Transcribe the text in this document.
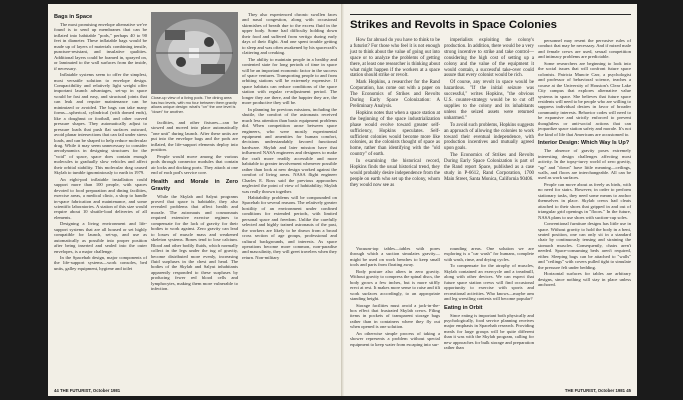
Bags in Space

The most promising envelope alternative we've found is to send up membranes that can be inflated into habitable "pods," perhaps 40 to 90 feet in diameter. These inflatable bags would be made up of layers of materials combining tensile, puncture-resistant, and insulative qualities. Additional layers could be foamed in, sprayed on, or laminated to the wall surfaces from the inside, if necessary.

Inflatable systems seem to offer the simplest, most versatile solution to envelope design. Compactibility and relatively light weight offer important launch advantages, set-up in space would be fast and easy, and structural joints that can leak and require maintenance can be minimized or avoided. The bags can take many forms—spherical, cylindrical (with domed ends), like a doughnut or football, and other curved pressure shapes. They automatically adjust to pressure loads that push flat surfaces outward, avoid planar intersections that can fail under stress loads, and can be shaped to help reduce molecular drag. While it may seem unnecessary to consider aerodynamics in designing structures for the "void" of space, space does contain enough molecules to gradually slow vehicles and affect their orbital stability. This molecular drag caused Skylab to tumble ignominiously to earth in 1979.

An eight-pod inflatable installation could support more than 100 people, with spaces devoted to food preparation and dining facilities, exercise areas, a medical clinic, a shop to handle in-space fabrication and maintenance, and some scientific laboratories. A station of this size would require about 10 shuttle-load deliveries of all elements.

Designing a living environment and life-support systems that are all housed or set highly compatible for launch, set-up, and use as automatically as possible into proper position after being inserted and sealed into the outer envelopes, is a major challenge.

In the Spacehab design, major components of the life-support systems—work consoles, bed units, galley equipment, hygiene and toilet

Close-up view of a living pods. The dining area has two levels, with mo four between them gravity allows unique design: what's "on" the one level is "down" for another.

facilities, and other fixtures—can be stowed and moved into place automatically "one unit" during launch. After these units are put into the envelope bags and the pods are inflated, the life-support elements deploy into position.

People would move among the various pods through connector modules that contain air locks and docking ports. They attach at one end of each pod's service core.

Health and Morale in Zero Gravity

While the Skylab and Salyut programs proved that space is habitable, they also revealed problems that affect health and morale. The astronauts and cosmonauts required extensive exercise regimes to compensate for the lack of gravity for their bodies to work against. Zero gravity can lead to losses of muscle mass and weakened skeleton systems. Bones tend to lose calcium. Blood and other bodily fluids, which normally collect in the legs under the tug of gravity, become distributed more evenly, increasing fluid surpluses in the chest and head. The bodies of the Skylab and Salyut inhabitants apparently responded to these surpluses by producing fewer red blood cells and lymphocytes, making them more vulnerable to infection.

They also experienced chronic swollen faces and nasal congestion, along with occasional skirmishes of breath due to the excess fluid in the upper body. Some had difficulty holding down their food and suffered from vertigo during early days of their flight. And one spent trouble getting to sleep and was often awakened by his spacecraft's clattering and creaking.

The ability to maintain people in a healthy and contented state for long periods of time in space will be an important economic factor in the success of space ventures. Transporting people to and from orbiting stations will be extremely expensive. If space habitats can reduce conditions of the space station with regular re-adjustment period. The longer they are there, and the happier they are, the more productive they will be.

In planning for previous missions, including the shuttle, the comfort of the astronauts received much less attention than basic equipment problems did. When competition arose between space engineers, who were mostly experimental equipment and amenities for human comfort, decisions understandably favored functional hardware. Skylab and later mission have that influenced NASA engineers and designers to make the craft more readily accessible and more habitable to greater involvement whenever possible rather than look at new design worked against the comfort of living areas. NASA flight engineer Charles E. Ross said the previous approaches neglected the point of view of habitability; Skylab was really thrown together.

Habitability problems will be compounded on Spacehab for several reasons. The relatively greater hostility of an environment under confined conditions for extended periods, with limited personal space and freedom. Unlike the carefully selected and highly trained astronauts of the past, the workers are likely to be drawn from a broad cross section of age groups, professional and cultural backgrounds, and interests. As space operations become more common, non-paradise and masculinity, they will greet travelers when they return. Non-military

44 THE FUTURIST, October 1981
Strikes and Revolts in Space Colonies

How far abroad do you have to think to be a futurist? For those who feel it is not enough just to think about the value of going out into space or to analyze the problems of getting there, at least one researcher is thinking about what might happen if the workers at a space station should strike or revolt.

Mark Hopkins, a researcher for the Rand Corporation, has come out with a paper on The Economics of Strikes and Revolts During Early Space Colonization: A Preliminary Analysis.

Hopkins notes that when a space station at the beginning of the space industrialization phase would evolve toward greater self-sufficiency, Hopkins speculates. Self-sufficient colonies would become more like colonies, as the colonists thought of space as home, rather than identifying with the "old country" of earth.

In examining the historical record, Hopkins finds the usual historical trend, they would probably desire independence from the people on earth who set up the colony, whom they would now see as

imperialists exploiting the colony's production. In addition, there would be a very strong incentive to strike and take control—considering the high cost of setting up a colony and the value of the equipment it would contain, a successful take-over could assure that every colonist would be rich.

Of course, any revolt in space would be hazardous. "If the initial seizure was successful," writes Hopkins, "the obvious U.S. counter-strategy would be to cut off supplies to the colony and its inhabitants unless the seized assets were returned unharmed."

To avoid such problems, Hopkins suggests an approach of allowing the colonies to work toward their eventual independence, with production incentives and mutually agreed upon goals.

The Economics of Strikes and Revolts During Early Space Colonization is part of the Rand report Space, published as a case study in P-6612, Rand Corporation, 1700 Main Street, Santa Monica, California 90406.

personnel may resent the pervasive rules of conduct that may be necessary. And if mixed male and female crews are used, sexual competition and intimacy problems are predictable.

Some researchers are beginning to look into the social issues that will confront future space colonists. Patricia Muncie Carr, a psychologist and professor of behavioral science, teaches a course at the University of Houston's Clear Lake City campus that explores alternative value systems in space. She believes that future space residents will need to be people who are willing to suppress individual desires in favor of broader community interests. Behavior codes will need to be expansive and strictly enforced to prevent thoughtless or anti-social actions that can jeopardize space station safety and morale. It's not the kind of life that Americans are accustomed to.

Interior Design: Which Way Is Up?

The absence of gravity poses extremely interesting design challenges affecting most activity. In the topsy-turvy world of zero gravity, "up" and "down" have little meaning—ceilings, walls, and floors are interchangeable. All can be used as work surfaces.

People can move about as freely as birds, with no need for stairs. However, in order to perform stationary tasks, they need some means to anchor themselves in place. Skylab crews had cleats attached to their shoes that gripped in and out of triangular grid openings in "floors." In the future, NASA plans to use shoes with suction-cup soles.

Conventional furniture designs has little use in space. Without gravity to hold the body in a bent, seated position, one can only sit in a standard chair by continuously tensing and straining the stomach muscles. Consequently, chairs aren't needed. Space-consuming beds aren't required, either. Sleeping bags can be attached to "walls" and "ceilings" with covers pulled tight to simulate the pressure felt under bedding.

Horizontal surfaces for tables are arbitrary designs, since nothing will stay in place unless anchored.

Vacuum-top tables—tables with pores through which a suction simulates gravity—might be used on work benches to keep small tools and parts from floating away.

Body posture also alters in zero gravity. Without gravity to compress the spinal discs, the body grows a few inches, but is more stiffly erect at rest. It makes more sense to raise and tilt work surfaces accordingly, to an appropriate standing height.

Storage facilities must avoid a jack-in-the-box effect that frustrated Skylab crews. Filing items in pockets of transparent storage bags rather than in containers where they fly out when opened is one solution.

An otherwise simple process of taking a shower represents a problem without special equipment to keep water from escaping into sur-

rounding areas. One solution we are exploring is a "car wash" for humans, complete with wash, rinse, and drying cycles.

To compensate for the atrophy of muscles, Skylab contained an exercycle and a treadmill, along with other devices. We can expect that future space station crews will find occasional opportunity to exercise with sports and recreational activities. Who knows—maybe arm and leg wrestling contests will become popular?

Eating in Orbit

Since eating is important both physically and psychologically, food service planning receives major emphasis in Spacehab research. Providing meals for large groups will be quite different than it was with the Skylab program, calling for new approaches for bulk storage and preparation rather than

THE FUTURIST, October 1981 45
